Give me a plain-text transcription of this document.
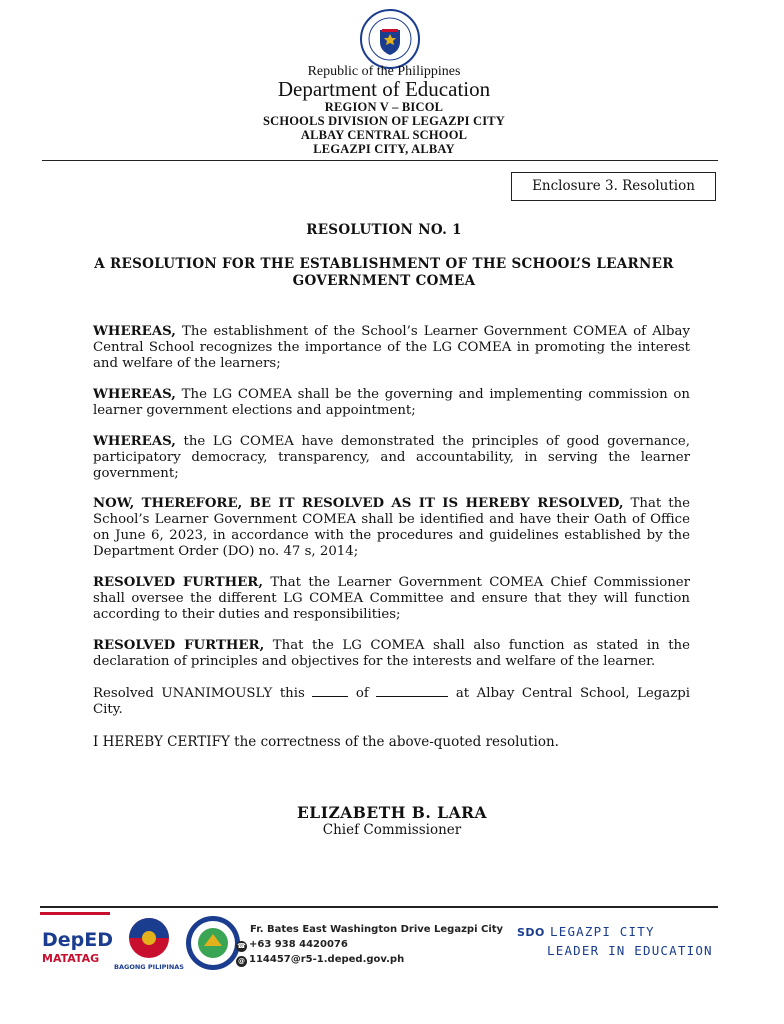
Republic of the Philippines
Department of Education
REGION V – BICOL
SCHOOLS DIVISION OF LEGAZPI CITY
ALBAY CENTRAL SCHOOL
LEGAZPI CITY, ALBAY
Enclosure 3. Resolution
RESOLUTION NO. 1
A RESOLUTION FOR THE ESTABLISHMENT OF THE SCHOOL’S LEARNER GOVERNMENT COMEA
WHEREAS, The establishment of the School’s Learner Government COMEA of Albay Central School recognizes the importance of the LG COMEA in promoting the interest and welfare of the learners;
WHEREAS, The LG COMEA shall be the governing and implementing commission on learner government elections and appointment;
WHEREAS, the LG COMEA have demonstrated the principles of good governance, participatory democracy, transparency, and accountability, in serving the learner government;
NOW, THEREFORE, BE IT RESOLVED AS IT IS HEREBY RESOLVED, That the School’s Learner Government COMEA shall be identified and have their Oath of Office on June 6, 2023, in accordance with the procedures and guidelines established by the Department Order (DO) no. 47 s, 2014;
RESOLVED FURTHER, That the Learner Government COMEA Chief Commissioner shall oversee the different LG COMEA Committee and ensure that they will function according to their duties and responsibilities;
RESOLVED FURTHER, That the LG COMEA shall also function as stated in the declaration of principles and objectives for the interests and welfare of the learner.
Resolved UNANIMOUSLY this	of	at Albay Central School, Legazpi City.
I HEREBY CERTIFY the correctness of the above-quoted resolution.
ELIZABETH B. LARA
Chief Commissioner
DepED
MATATAG
BAGONG PILIPINAS
Fr. Bates East Washington Drive Legazpi City
☎ +63 938 4420076
@ 114457@r5-1.deped.gov.ph
SDO LEGAZPI CITY
LEADER IN EDUCATION
